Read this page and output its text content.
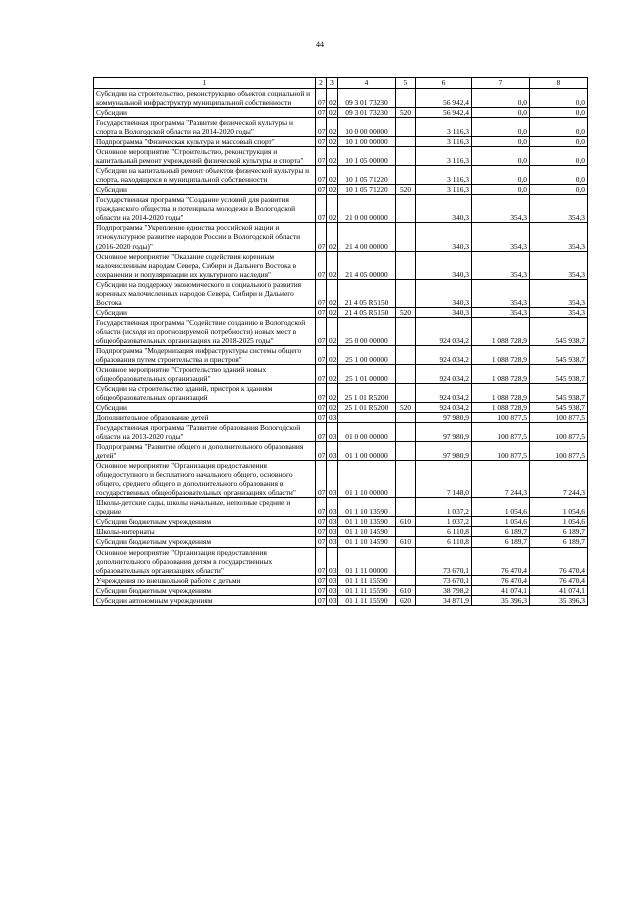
44
1	2	3	4	5	6	7	8
Субсидии на строительство, реконструкцию объектов социальной и коммунальной инфраструктур муниципальной собственности	07	02	09 3 01 73230		56 942,4	0,0	0,0
Субсидии	07	02	09 3 01 73230	520	56 942,4	0,0	0,0
Государственная программа "Развитие физической культуры и спорта в Вологодской области на 2014-2020 годы"	07	02	10 0 00 00000		3 116,3	0,0	0,0
Подпрограмма "Физическая культура и массовый спорт"	07	02	10 1 00 00000		3 116,3	0,0	0,0
Основное мероприятие "Строительство, реконструкция и капитальный ремонт учреждений физической культуры и спорта"	07	02	10 1 05 00000		3 116,3	0,0	0,0
Субсидии на капитальный ремонт объектов физической культуры и спорта, находящихся в муниципальной собственности	07	02	10 1 05 71220		3 116,3	0,0	0,0
Субсидии	07	02	10 1 05 71220	520	3 116,3	0,0	0,0
Государственная программа "Создание условий для развития гражданского общества и потенциала молодежи в Вологодской области на 2014-2020 годы"	07	02	21 0 00 00000		340,3	354,3	354,3
Подпрограмма "Укрепление единства российской нации и этнокультурное развитие народов России в Вологодской области (2016-2020 годы)"	07	02	21 4 00 00000		340,3	354,3	354,3
Основное мероприятие "Оказание содействия коренным малочисленным народам Севера, Сибири и Дальнего Востока в сохранении и популяризации их культурного наследия"	07	02	21 4 05 00000		340,3	354,3	354,3
Субсидии на поддержку экономического и социального развития коренных малочисленных народов Севера, Сибири и Дальнего Востока	07	02	21 4 05 R5150		340,3	354,3	354,3
Субсидии	07	02	21 4 05 R5150	520	340,3	354,3	354,3
Государственная программа "Содействие созданию в Вологодской области (исходя из прогнозируемой потребности) новых мест в общеобразовательных организациях на 2018-2025 годы"	07	02	25 0 00 00000		924 034,2	1 088 728,9	545 938,7
Подпрограмма "Модернизация инфраструктуры системы общего образования путем строительства и пристроя"	07	02	25 1 00 00000		924 034,2	1 088 728,9	545 938,7
Основное мероприятие "Строительство зданий новых общеобразовательных организаций"	07	02	25 1 01 00000		924 034,2	1 088 728,9	545 938,7
Субсидии на строительство зданий, пристроя к зданиям общеобразовательных организаций	07	02	25 1 01 R5200		924 034,2	1 088 728,9	545 938,7
Субсидии	07	02	25 1 01 R5200	520	924 034,2	1 088 728,9	545 938,7
Дополнительное образование детей	07	03			97 980,9	100 877,5	100 877,5
Государственная программа "Развитие образования Вологодской области на 2013-2020 годы"	07	03	01 0 00 00000		97 980,9	100 877,5	100 877,5
Подпрограмма "Развитие общего и дополнительного образования детей"	07	03	01 1 00 00000		97 980,9	100 877,5	100 877,5
Основное мероприятие "Организация предоставления общедоступного и бесплатного начального общего, основного общего, среднего общего и дополнительного образования в государственных общеобразовательных организациях области"	07	03	01 1 10 00000		7 148,0	7 244,3	7 244,3
Школы-детские сады, школы начальные, неполные средние и средние	07	03	01 1 10 13590		1 037,2	1 054,6	1 054,6
Субсидии бюджетным учреждениям	07	03	01 1 10 13590	610	1 037,2	1 054,6	1 054,6
Школы-интернаты	07	03	01 1 10 14590		6 110,8	6 189,7	6 189,7
Субсидии бюджетным учреждениям	07	03	01 1 10 14590	610	6 110,8	6 189,7	6 189,7
Основное мероприятие "Организация предоставления дополнительного образования детям в государственных образовательных организациях области"	07	03	01 1 11 00000		73 670,1	76 470,4	76 470,4
Учреждения по внешкольной работе с детьми	07	03	01 1 11 15590		73 670,1	76 470,4	76 470,4
Субсидии бюджетным учреждениям	07	03	01 1 11 15590	610	38 798,2	41 074,1	41 074,1
Субсидии автономным учреждениям	07	03	01 1 11 15590	620	34 871,9	35 396,3	35 396,3
